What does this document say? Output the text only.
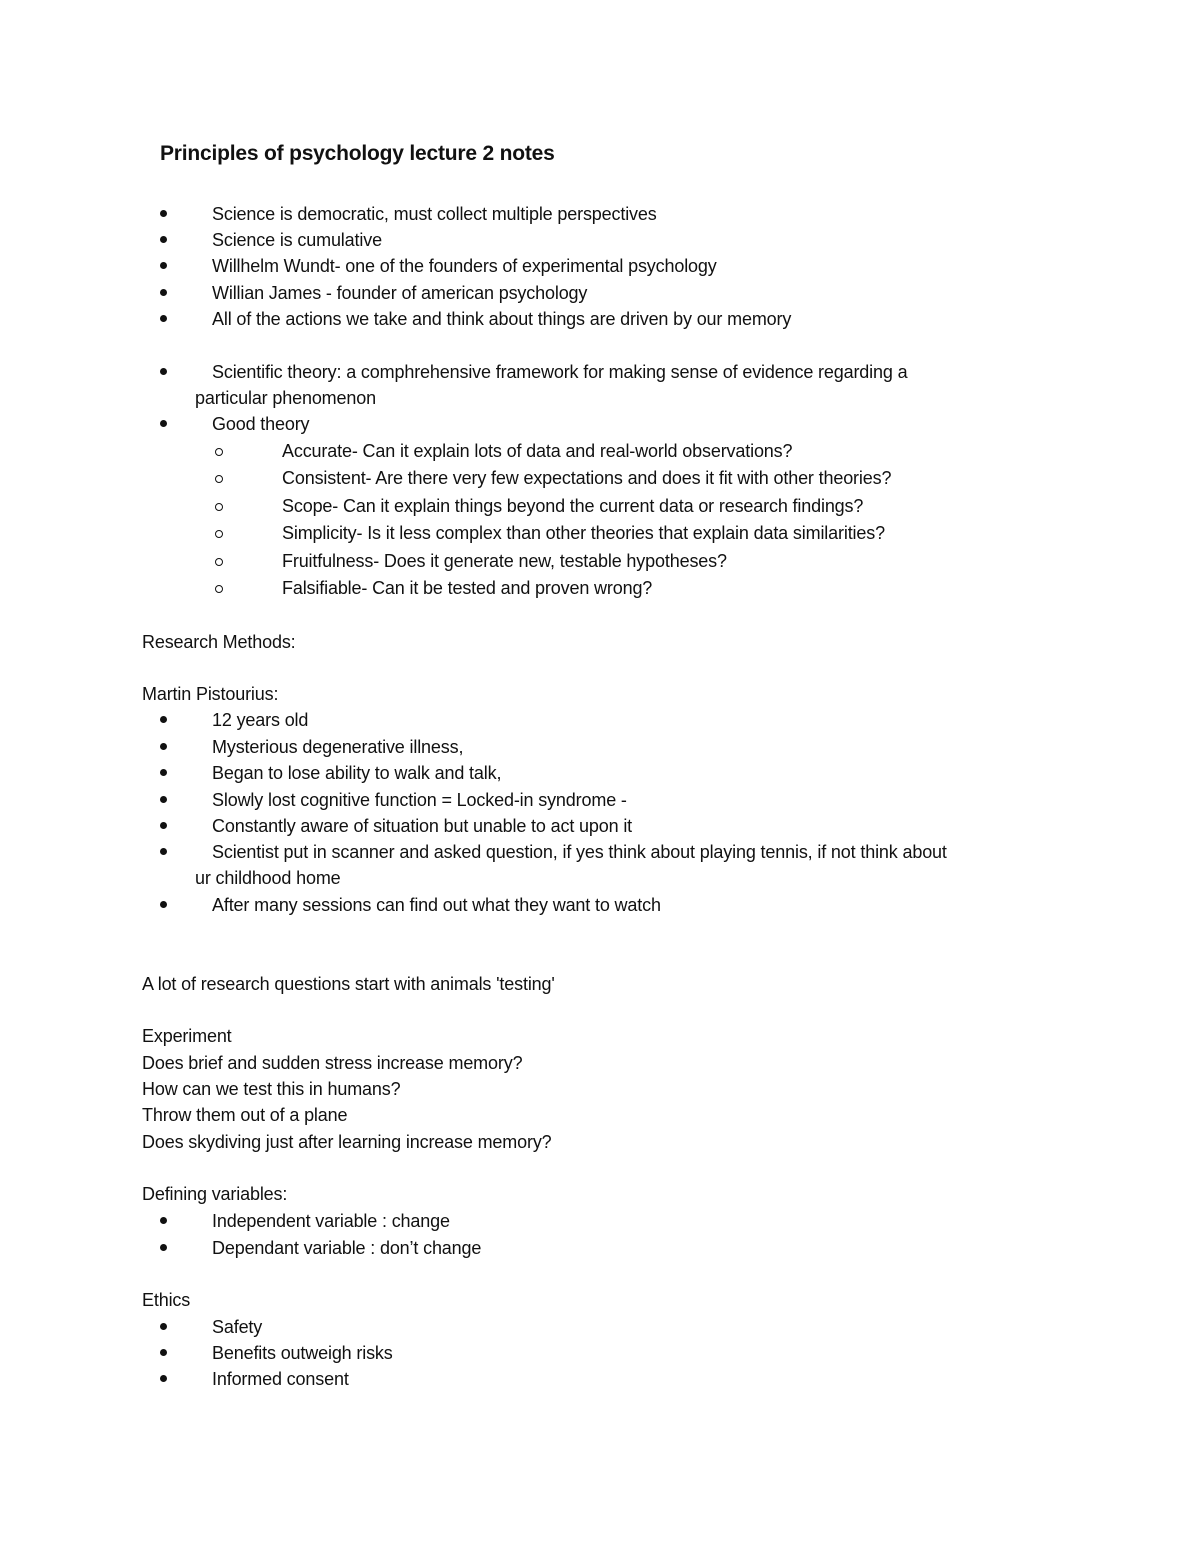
Principles of psychology lecture 2 notes
Science is democratic, must collect multiple perspectives
Science is cumulative
Willhelm Wundt- one of the founders of experimental psychology
Willian James - founder of american psychology
All of the actions we take and think about things are driven by our memory
Scientific theory: a comphrehensive framework for making sense of evidence regarding a
particular phenomenon
Good theory
Accurate- Can it explain lots of data and real-world observations?
Consistent- Are there very few expectations and does it fit with other theories?
Scope- Can it explain things beyond the current data or research findings?
Simplicity- Is it less complex than other theories that explain data similarities?
Fruitfulness- Does it generate new, testable hypotheses?
Falsifiable- Can it be tested and proven wrong?
Research Methods:
Martin Pistourius:
12 years old
Mysterious degenerative illness,
Began to lose ability to walk and talk,
Slowly lost cognitive function = Locked-in syndrome -
Constantly aware of situation but unable to act upon it
Scientist put in scanner and asked question, if yes think about playing tennis, if not think about
ur childhood home
After many sessions can find out what they want to watch
A lot of research questions start with animals 'testing'
Experiment
Does brief and sudden stress increase memory?
How can we test this in humans?
Throw them out of a plane
Does skydiving just after learning increase memory?
Defining variables:
Independent variable : change
Dependant variable : don’t change
Ethics
Safety
Benefits outweigh risks
Informed consent
